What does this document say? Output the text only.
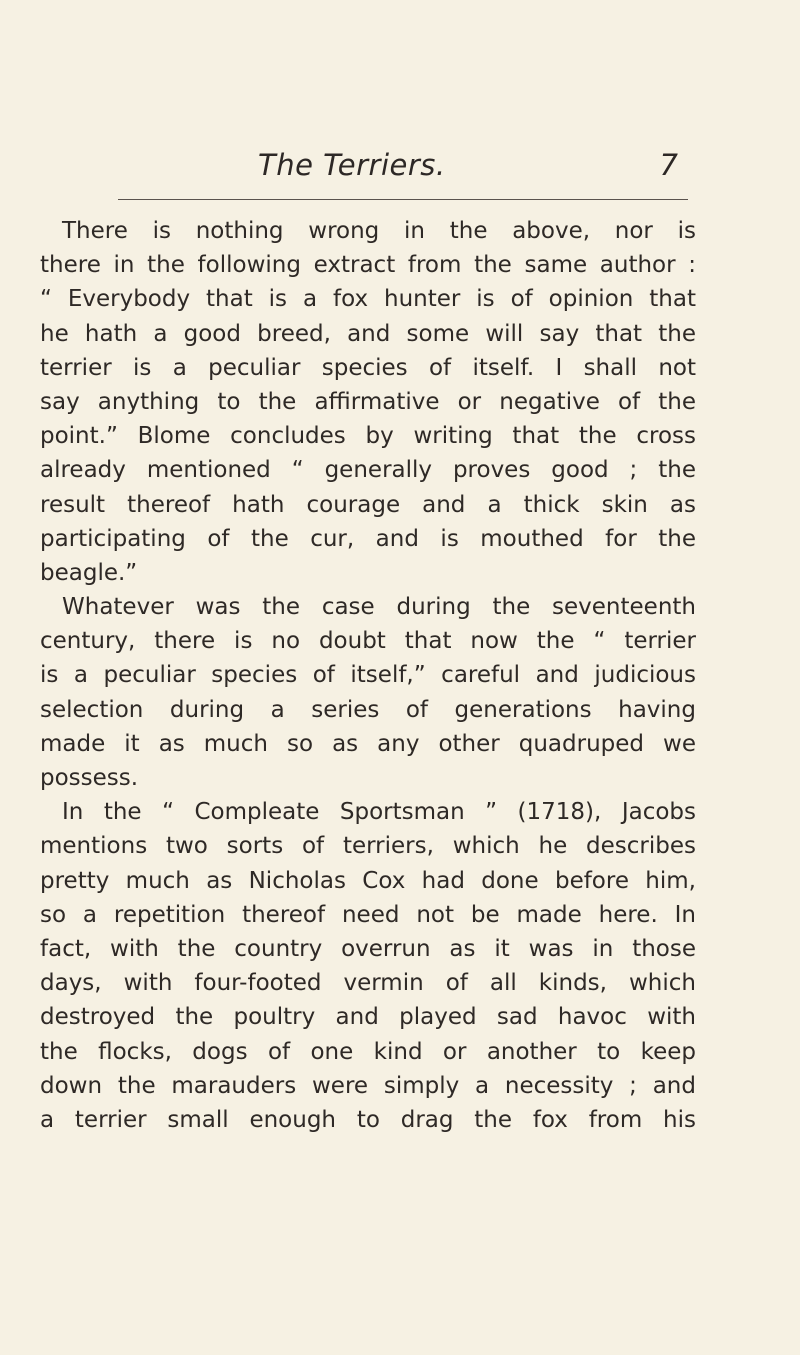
The Terriers.	7
There is nothing wrong in the above, nor is
there in the following extract from the same author :
“ Everybody that is a fox hunter is of opinion that
he hath a good breed, and some will say that the
terrier is a peculiar species of itself. I shall not
say anything to the affirmative or negative of the
point.” Blome concludes by writing that the cross
already mentioned “ generally proves good ; the
result thereof hath courage and a thick skin as
participating of the cur, and is mouthed for the
beagle.”
Whatever was the case during the seventeenth
century, there is no doubt that now the “ terrier
is a peculiar species of itself,” careful and judicious
selection during a series of generations having
made it as much so as any other quadruped we
possess.
In the “ Compleate Sportsman ” (1718), Jacobs
mentions two sorts of terriers, which he describes
pretty much as Nicholas Cox had done before him,
so a repetition thereof need not be made here. In
fact, with the country overrun as it was in those
days, with four-footed vermin of all kinds, which
destroyed the poultry and played sad havoc with
the flocks, dogs of one kind or another to keep
down the marauders were simply a necessity ; and
a terrier small enough to drag the fox from his
